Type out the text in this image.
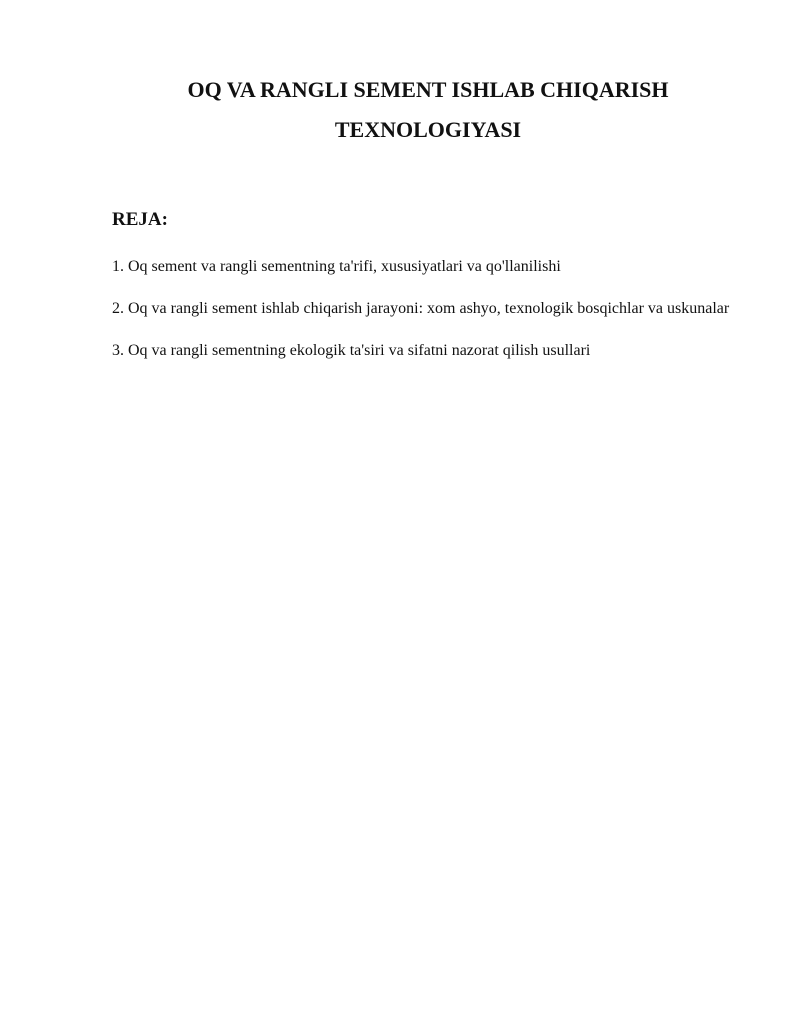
OQ VA RANGLI SEMENT ISHLAB CHIQARISH
TEXNOLOGIYASI
REJA:
1. Oq sement va rangli sementning ta'rifi, xususiyatlari va qo'llanilishi
2. Oq va rangli sement ishlab chiqarish jarayoni: xom ashyo, texnologik bosqichlar va uskunalar
3. Oq va rangli sementning ekologik ta'siri va sifatni nazorat qilish usullari
